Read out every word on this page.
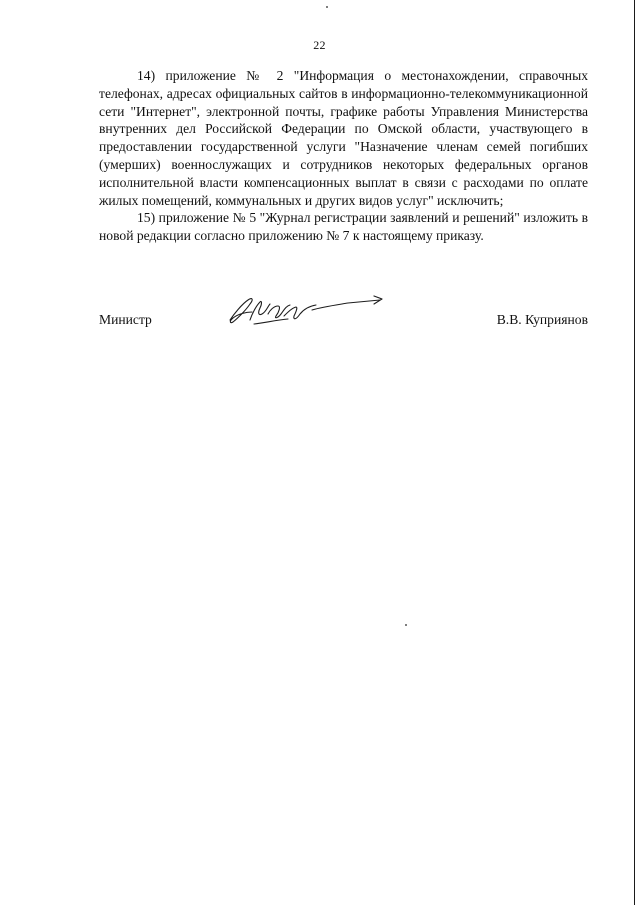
22

14) приложение № 2 "Информация о местонахождении, справочных телефонах, адресах официальных сайтов в информационно-телекоммуникационной сети "Интернет", электронной почты, графике работы Управления Министерства внутренних дел Российской Федерации по Омской области, участвующего в предоставлении государственной услуги "Назначение членам семей погибших (умерших) военнослужащих и сотрудников некоторых федеральных органов исполнительной власти компенсационных выплат в связи с расходами по оплате жилых помещений, коммунальных и других видов услуг" исключить;

15) приложение № 5 "Журнал регистрации заявлений и решений" изложить в новой редакции согласно приложению № 7 к настоящему приказу.

Министр	В.В. Куприянов
